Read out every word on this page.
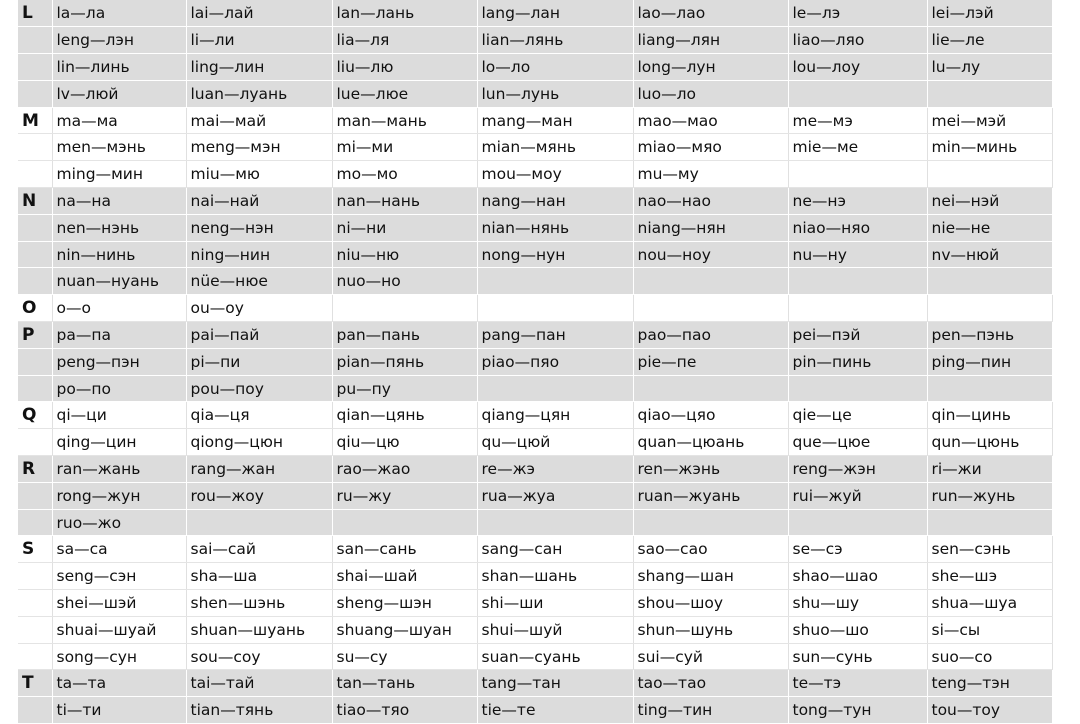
L	la—ла	lai—лай	lan—лань	lang—лан	lao—лао	le—лэ	lei—лэй
	leng—лэн	li—ли	lia—ля	lian—лянь	liang—лян	liao—ляо	lie—ле
	lin—линь	ling—лин	liu—лю	lo—ло	long—лун	lou—лоу	lu—лу
	lv—люй	luan—луань	lue—люе	lun—лунь	luo—ло		
M	ma—ма	mai—май	man—мань	mang—ман	mao—мао	me—мэ	mei—мэй
	men—мэнь	meng—мэн	mi—ми	mian—мянь	miao—мяо	mie—ме	min—минь
	ming—мин	miu—мю	mo—мо	mou—моу	mu—му		
N	na—на	nai—най	nan—нань	nang—нан	nao—нао	ne—нэ	nei—нэй
	nen—нэнь	neng—нэн	ni—ни	nian—нянь	niang—нян	niao—няо	nie—не
	nin—нинь	ning—нин	niu—ню	nong—нун	nou—ноу	nu—ну	nv—нюй
	nuan—нуань	nüe—нюе	nuo—но				
O	o—о	ou—оу					
P	pa—па	pai—пай	pan—пань	pang—пан	pao—пао	pei—пэй	pen—пэнь
	peng—пэн	pi—пи	pian—пянь	piao—пяо	pie—пе	pin—пинь	ping—пин
	po—по	pou—поу	pu—пу				
Q	qi—ци	qia—ця	qian—цянь	qiang—цян	qiao—цяо	qie—це	qin—цинь
	qing—цин	qiong—цюн	qiu—цю	qu—цюй	quan—цюань	que—цюе	qun—цюнь
R	ran—жань	rang—жан	rao—жао	re—жэ	ren—жэнь	reng—жэн	ri—жи
	rong—жун	rou—жоу	ru—жу	rua—жуа	ruan—жуань	rui—жуй	run—жунь
	ruo—жо						
S	sa—са	sai—сай	san—сань	sang—сан	sao—сао	se—сэ	sen—сэнь
	seng—сэн	sha—ша	shai—шай	shan—шань	shang—шан	shao—шао	she—шэ
	shei—шэй	shen—шэнь	sheng—шэн	shi—ши	shou—шоу	shu—шу	shua—шуа
	shuai—шуай	shuan—шуань	shuang—шуан	shui—шуй	shun—шунь	shuo—шо	si—сы
	song—сун	sou—соу	su—су	suan—суань	sui—суй	sun—сунь	suo—со
T	ta—та	tai—тай	tan—тань	tang—тан	tao—тао	te—тэ	teng—тэн
	ti—ти	tian—тянь	tiao—тяо	tie—те	ting—тин	tong—тун	tou—тоу
